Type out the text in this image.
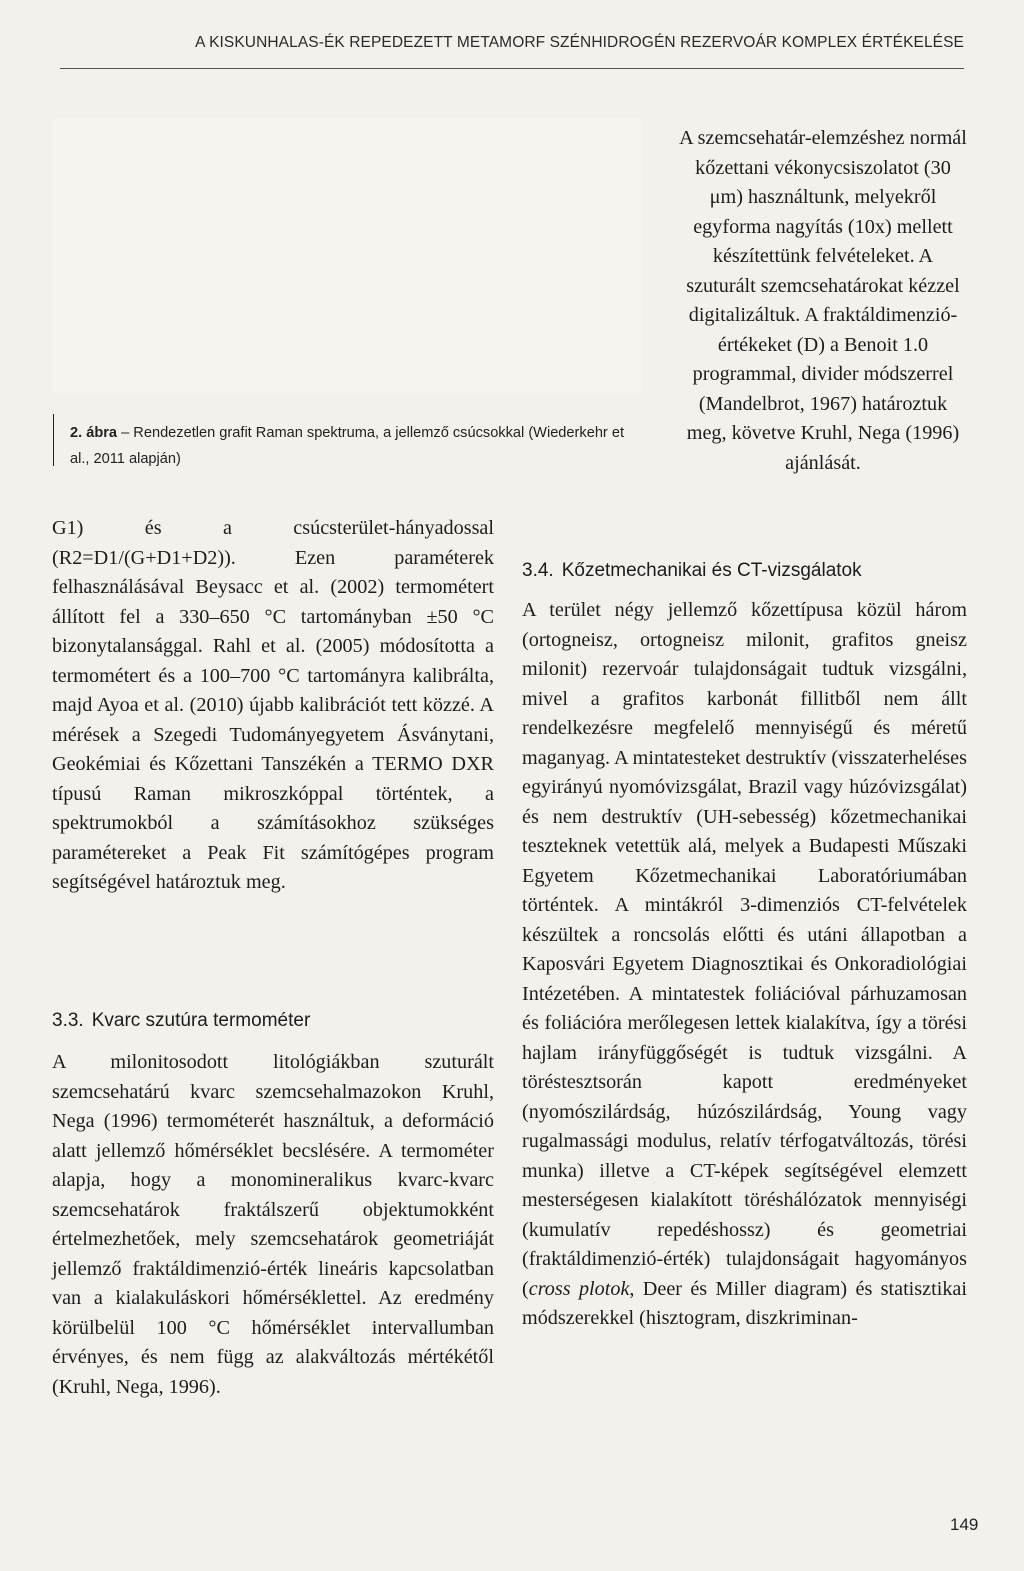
A KISKUNHALAS-ÉK REPEDEZETT METAMORF SZÉNHIDROGÉN REZERVOÁR KOMPLEX ÉRTÉKELÉSE
2. ábra – Rendezetlen grafit Raman spektruma, a jellemző csúcsokkal (Wiederkehr et al., 2011 alapján)

G1) és a csúcsterület-hányadossal (R2=D1/(G+D1+D2)). Ezen paraméterek felhasználásával Beysacc et al. (2002) termométert állított fel a 330–650 °C tartományban ±50 °C bizonytalansággal. Rahl et al. (2005) módosította a termométert és a 100–700 °C tartományra kalibrálta, majd Ayoa et al. (2010) újabb kalibrációt tett közzé. A mérések a Szegedi Tudományegyetem Ásványtani, Geokémiai és Kőzettani Tanszékén a TERMO DXR típusú Raman mikroszkóppal történtek, a spektrumokból a számításokhoz szükséges paramétereket a Peak Fit számítógépes program segítségével határoztuk meg.

3.3. Kvarc szutúra termométer

A milonitosodott litológiákban szuturált szemcsehatárú kvarc szemcsehalmazokon Kruhl, Nega (1996) termométerét használtuk, a deformáció alatt jellemző hőmérséklet becslésére. A termométer alapja, hogy a monomineralikus kvarc-kvarc szemcsehatárok fraktálszerű objektumokként értelmezhetőek, mely szemcsehatárok geometriáját jellemző fraktáldimenzió-érték lineáris kapcsolatban van a kialakuláskori hőmérséklettel. Az eredmény körülbelül 100 °C hőmérséklet intervallumban érvényes, és nem függ az alakváltozás mértékétől (Kruhl, Nega, 1996).

A szemcsehatár-elemzéshez normál kőzettani vékonycsiszolatot (30 μm) használtunk, melyekről egyforma nagyítás (10x) mellett készítettünk felvételeket. A szuturált szemcsehatárokat kézzel digitalizáltuk. A fraktáldimenzió-értékeket (D) a Benoit 1.0 programmal, divider módszerrel (Mandelbrot, 1967) határoztuk meg, követve Kruhl, Nega (1996) ajánlását.

3.4. Kőzetmechanikai és CT-vizsgálatok

A terület négy jellemző kőzettípusa közül három (ortogneisz, ortogneisz milonit, grafitos gneisz milonit) rezervoár tulajdonságait tudtuk vizsgálni, mivel a grafitos karbonát fillitből nem állt rendelkezésre megfelelő mennyiségű és méretű maganyag. A mintatesteket destruktív (visszaterheléses egyirányú nyomóvizsgálat, Brazil vagy húzóvizsgálat) és nem destruktív (UH-sebesség) kőzetmechanikai teszteknek vetettük alá, melyek a Budapesti Műszaki Egyetem Kőzetmechanikai Laboratóriumában történtek. A mintákról 3-dimenziós CT-felvételek készültek a roncsolás előtti és utáni állapotban a Kaposvári Egyetem Diagnosztikai és Onkoradiológiai Intézetében. A mintatestek foliációval párhuzamosan és foliációra merőlegesen lettek kialakítva, így a törési hajlam irányfüggőségét is tudtuk vizsgálni. A töréstesztsorán kapott eredményeket (nyomószilárdság, húzószilárdság, Young vagy rugalmassági modulus, relatív térfogatváltozás, törési munka) illetve a CT-képek segítségével elemzett mesterségesen kialakított töréshálózatok mennyiségi (kumulatív repedéshossz) és geometriai (fraktáldimenzió-érték) tulajdonságait hagyományos (cross plotok, Deer és Miller diagram) és statisztikai módszerekkel (hisztogram, diszkriminan-

149
